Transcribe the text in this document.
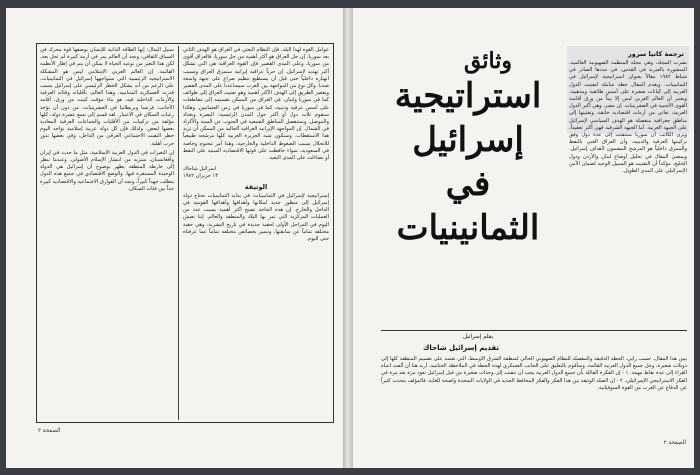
عوامل القوة لهذا البلد، فإن النظام البعثي في العراق هو الهدف الثاني بعد سوريا. إن حل العراق هو أكثر أهمية من حل سوريا، فالعراق أقوى من سوريا، وعلى المدى القصير فإن القوة العراقية هي التي تشكل أكبر تهديد لإسرائيل. إن حرباً عراقية إيرانية ستمزق العراق وتسبب انهياره داخلياً حتى قبل أن يستطيع تنظيم صراع على جبهة واسعة ضدنا. وكل نوع من المواجهة بين العرب سيساعدنا على المدى القصير ويقصر الطريق إلى الهدف الأكثر أهمية وهو تفتيت العراق إلى طوائف كما في سوريا ولبنان. في العراق من الممكن تقسيمه إلى مقاطعات على أسس عرقية ودينية، كما في سوريا في زمن العثمانيين. وهكذا ستقوم ثلاث دول أو أكثر حول المدن الرئيسية: البصرة وبغداد والموصل، وستنفصل المناطق الشيعية في الجنوب عن السنة والأكراد في الشمال. إن المواجهة الإيرانية العراقية الحالية من الممكن أن تزيد هذا الاستقطاب. وستكون شبه الجزيرة العربية كلها مرشحة طبيعياً للانحلال بسبب الضغوط الداخلية والخارجية، وهذا أمر محتوم وخاصة في السعودية، سواء حافظت على قوتها الاقتصادية المبنية على النفط أو تضاءلت على المدى البعيد.

اسرائيل شاحاك
١٣ حزيران ١٩٨٢
الوثيقة

إستراتيجية لإسرائيل في الثمانينيات: في بداية الثمانينيات تحتاج دولة إسرائيل إلى منظور جديد لمكانها وأهدافها وأهدافها القومية في الداخل والخارج. إن هذه الحاجة تصبح أكثر أهمية بسبب عدد من العمليات المركزية التي تمر بها البلاد والمنطقة والعالم. إننا نعيش اليوم في المراحل الأولى لحقبة جديدة في تاريخ البشرية، وهي حقبة مختلفة تماماً عن سابقتها، وتتميز بخصائص مختلفة تماماً عما عرفناه حتى اليوم.

سبيل المثال: إنها الطاقة الذاتية للإنسان بوصفها قوة محرك في السياق الثقافي، ونجد أن العالم يمر في أزمة كبيرة لم تحل بعد، لكن هذا التغير من نوعية الحياة لا يمكن أن يتم في إطار الأنظمة القائمة. إن العالم العربي الإسلامي ليس هو المشكلة الاستراتيجية الرئيسية التي ستواجهها إسرائيل في الثمانينيات، على الرغم من أنه يشكل الخطر الرئيسي على إسرائيل بسبب قدرته العسكرية المتنامية. وهذا العالم، بأقلياته وفئاته العرقية والأزمات الداخلية فيه، هو بناء مؤقت كبيت من ورق، أقامه الأجانب: فرنسا وبريطانيا في العشرينيات، من دون أن تؤخذ رغبات السكان في الاعتبار. لقد قسم إلى تسع عشرة دولة، كلها مؤلفة من تركيبات من الأقليات والجماعات العرقية المعادية بعضها لبعض. ولذلك فإن كل دولة عربية إسلامية تواجه اليوم خطر التفتت الاجتماعي العرقي من الداخل، وفي بعضها تدور حرب أهلية.

إن التغيرات في الدول العربية الإسلامية، مثل ما حدث في إيران وأفغانستان، ستزيد من انتشار الإسلام الأصولي. وعندما ننظر إلى خارطة المنطقة يظهر بوضوح أن إسرائيل هي الدولة الوحيدة المستقرة فيها. والوضع الاقتصادي في جميع هذه الدول يتطلب جهداً كبيراً، ونجد أن الفوارق الاجتماعية والاقتصادية كبيرة جداً بين فئات السكان.

الصفحة ٣
وثائق
استراتيجية
إسرائيل
في
الثمانينيات
ترجمة كاتيا سرور

نشرت المجلة، وهي مجلة المنظمة الصهيونية العالمية، المنشورة بالعبرية في القدس، في عددها الصادر في شباط ١٩٨٢ مقالاً بعنوان استراتيجية لإسرائيل في الثمانينيات. ويقدم المقال خطة شاملة لتفتيت الدول العربية إلى كيانات صغيرة على أسس طائفية ومذهبية، ويعتبر أن العالم العربي ليس إلا بيتاً من ورق أقامته القوى الأجنبية في العشرينيات. إن مصر، وهي أكبر الدول العربية، تعاني من أزمات اقتصادية خانقة، وتفتيتها إلى مناطق جغرافية منفصلة هو الهدف السياسي لإسرائيل على الجبهة الغربية. أما الجبهة الشرقية فهي أكثر تعقيداً، ويرى الكاتب أن سوريا ستتفتت إلى عدة دول وفق تركيبتها العرقية والدينية، وأن العراق الغني بالنفط والممزق داخلياً هو المرشح المضمون لأهداف إسرائيل. ويمضي المقال في تحليل أوضاع لبنان والأردن ودول الخليج، مؤكداً أن التفتيت هو السبيل الوحيد لضمان الأمن الإسرائيلي على المدى الطويل.

بقلم إسرائيل
تقديم إسرائيل شاحاك

يبين هذا المقال، حسب رأيي، الخطة الدقيقة والمفصلة للنظام الصهيوني الحالي لمنطقة الشرق الأوسط، التي تعتمد على تقسيم المنطقة كلها إلى دويلات صغيرة، وحل جميع الدول العربية القائمة. وسأقوم بالتعليق على الجانب العسكري لهذه الخطة في الملاحظة الختامية. أريد هنا أن ألفت انتباه القراء إلى عدة نقاط مهمة. ١ - إن الفكرة القائلة بأن جميع الدول العربية يجب أن تتفتت إلى وحدات صغيرة من قبل إسرائيل تعود مرة بعد مرة في الفكر الاستراتيجي الإسرائيلي. ٢ - إن الصلة الوثيقة بين هذا الفكر والفكر المحافظ الجديد في الولايات المتحدة واضحة للغاية، فالمؤلف يتحدث كثيراً عن الدفاع عن الغرب من القوة السوفياتية.

الصفحة ٢
